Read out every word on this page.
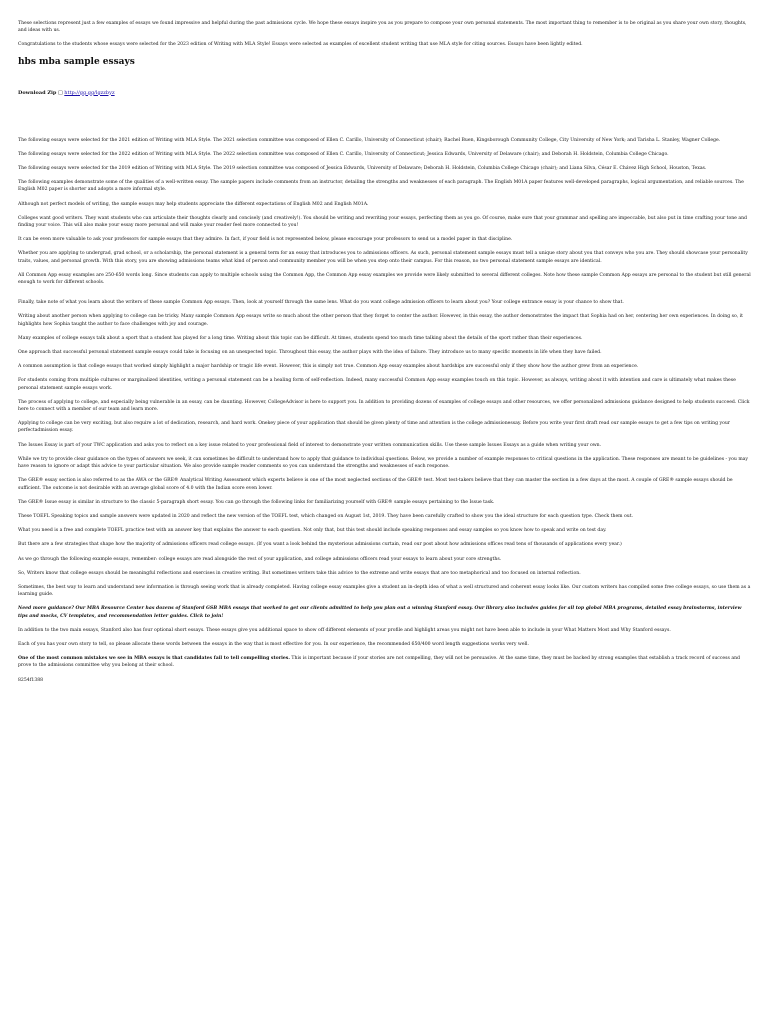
These selections represent just a few examples of essays we found impressive and helpful during the past admissions cycle. We hope these essays inspire you as you prepare to compose your own personal statements. The most important thing to remember is to be original as you share your own story, thoughts, and ideas with us.

Congratulations to the students whose essays were selected for the 2023 edition of Writing with MLA Style! Essays were selected as examples of excellent student writing that use MLA style for citing sources. Essays have been lightly edited.

hbs mba sample essays
Download Zip □ http://gg.gg/lgzzbyz

The following essays were selected for the 2021 edition of Writing with MLA Style. The 2021 selection committee was composed of Ellen C. Carillo, University of Connecticut (chair); Rachel Buen, Kingsborough Community College, City University of New York; and Tarisha L. Stanley, Wagner College.

The following essays were selected for the 2022 edition of Writing with MLA Style. The 2022 selection committee was composed of Ellen C. Carillo, University of Connecticut; Jessica Edwards, University of Delaware (chair); and Deborah H. Holdstein, Columbia College Chicago.

The following essays were selected for the 2019 edition of Writing with MLA Style. The 2019 selection committee was composed of Jessica Edwards, University of Delaware; Deborah H. Holdstein, Columbia College Chicago (chair); and Liana Silva, César E. Chávez High School, Houston, Texas.

The following examples demonstrate some of the qualities of a well-written essay. The sample papers include comments from an instructor, detailing the strengths and weaknesses of each paragraph. The English M01A paper features well-developed paragraphs, logical argumentation, and reliable sources. The English M02 paper is shorter and adopts a more informal style.

Although not perfect models of writing, the sample essays may help students appreciate the different expectations of English M02 and English M01A.

Colleges want good writers. They want students who can articulate their thoughts clearly and concisely (and creatively!). You should be writing and rewriting your essays, perfecting them as you go. Of course, make sure that your grammar and spelling are impeccable, but also put in time crafting your tone and finding your voice. This will also make your essay more personal and will make your reader feel more connected to you!

It can be even more valuable to ask your professors for sample essays that they admire. In fact, if your field is not represented below, please encourage your professors to send us a model paper in that discipline.

Whether you are applying to undergrad, grad school, or a scholarship, the personal statement is a general term for an essay that introduces you to admissions officers. As such, personal statement sample essays must tell a unique story about you that conveys who you are. They should showcase your personality traits, values, and personal growth. With this story, you are showing admissions teams what kind of person and community member you will be when you step onto their campus. For this reason, no two personal statement sample essays are identical.

All Common App essay examples are 250-650 words long. Since students can apply to multiple schools using the Common App, the Common App essay examples we provide were likely submitted to several different colleges. Note how these sample Common App essays are personal to the student but still general enough to work for different schools.

Finally, take note of what you learn about the writers of these sample Common App essays. Then, look at yourself through the same lens. What do you want college admission officers to learn about you? Your college entrance essay is your chance to show that.

Writing about another person when applying to college can be tricky. Many sample Common App essays write so much about the other person that they forget to center the author. However, in this essay, the author demonstrates the impact that Sophia had on her, centering her own experiences. In doing so, it highlights how Sophia taught the author to face challenges with joy and courage.

Many examples of college essays talk about a sport that a student has played for a long time. Writing about this topic can be difficult. At times, students spend too much time talking about the details of the sport rather than their experiences.

One approach that successful personal statement sample essays could take is focusing on an unexpected topic. Throughout this essay, the author plays with the idea of failure. They introduce us to many specific moments in life when they have failed.

A common assumption is that college essays that worked simply highlight a major hardship or tragic life event. However, this is simply not true. Common App essay examples about hardships are successful only if they show how the author grew from an experience.

For students coming from multiple cultures or marginalized identities, writing a personal statement can be a healing form of self-reflection. Indeed, many successful Common App essay examples touch on this topic. However, as always, writing about it with intention and care is ultimately what makes these personal statement sample essays work.

The process of applying to college, and especially being vulnerable in an essay, can be daunting. However, CollegeAdvisor is here to support you. In addition to providing dozens of examples of college essays and other resources, we offer personalized admissions guidance designed to help students succeed. Click here to connect with a member of our team and learn more.

Applying to college can be very exciting, but also require a lot of dedication, research, and hard work. Onekey piece of your application that should be given plenty of time and attention is the college admissionessay. Before you write your first draft read our sample essays to get a few tips on writing your perfectadmission essay.

The Issues Essay is part of your TWC application and asks you to reflect on a key issue related to your professional field of interest to demonstrate your written communication skills. Use these sample Issues Essays as a guide when writing your own.

While we try to provide clear guidance on the types of answers we seek, it can sometimes be difficult to understand how to apply that guidance to individual questions. Below, we provide a number of example responses to critical questions in the application. These responses are meant to be guidelines - you may have reason to ignore or adapt this advice to your particular situation. We also provide sample reader comments so you can understand the strengths and weaknesses of each response.

The GRE® essay section is also referred to as the AWA or the GRE® Analytical Writing Assessment which experts believe is one of the most neglected sections of the GRE® test. Most test-takers believe that they can master the section in a few days at the most. A couple of GRE® sample essays should be sufficient. The outcome is not desirable with an average global score of 4.0 with the Indian score even lower.

The GRE® Issue essay is similar in structure to the classic 5-paragraph short essay. You can go through the following links for familiarizing yourself with GRE® sample essays pertaining to the Issue task.

These TOEFL Speaking topics and sample answers were updated in 2020 and reflect the new version of the TOEFL test, which changed on August 1st, 2019. They have been carefully crafted to show you the ideal structure for each question type. Check them out.

What you need is a free and complete TOEFL practice test with an answer key that explains the answer to each question. Not only that, but this test should include speaking responses and essay samples so you know how to speak and write on test day.

But there are a few strategies that shape how the majority of admissions officers read college essays. (If you want a look behind the mysterious admissions curtain, read our post about how admissions offices read tens of thousands of applications every year.)

As we go through the following example essays, remember: college essays are read alongside the rest of your application, and college admissions officers read your essays to learn about your core strengths.

So, Writers know that college essays should be meaningful reflections and exercises in creative writing. But sometimes writers take this advice to the extreme and write essays that are too metaphorical and too focused on internal reflection.

Sometimes, the best way to learn and understand new information is through seeing work that is already completed. Having college essay examples give a student an in-depth idea of what a well structured and coherent essay looks like. Our custom writers has compiled some free college essays, so use them as a learning guide.

Need more guidance? Our MBA Resource Center has dozens of Stanford GSB MBA essays that worked to get our clients admitted to help you plan out a winning Stanford essay. Our library also includes guides for all top global MBA programs, detailed essay brainstorms, interview tips and mocks, CV templates, and recommendation letter guides. Click to join!

In addition to the two main essays, Stanford also has four optional short essays. These essays give you additional space to show off different elements of your profile and highlight areas you might not have been able to include in your What Matters Most and Why Stanford essays.

Each of you has your own story to tell, so please allocate these words between the essays in the way that is most effective for you. In our experience, the recommended 650/400 word length suggestions works very well.

One of the most common mistakes we see in MBA essays is that candidates fail to tell compelling stories. This is important because if your stories are not compelling, they will not be persuasive. At the same time, they must be backed by strong examples that establish a track record of success and prove to the admissions committee why you belong at their school.

8254f1388
